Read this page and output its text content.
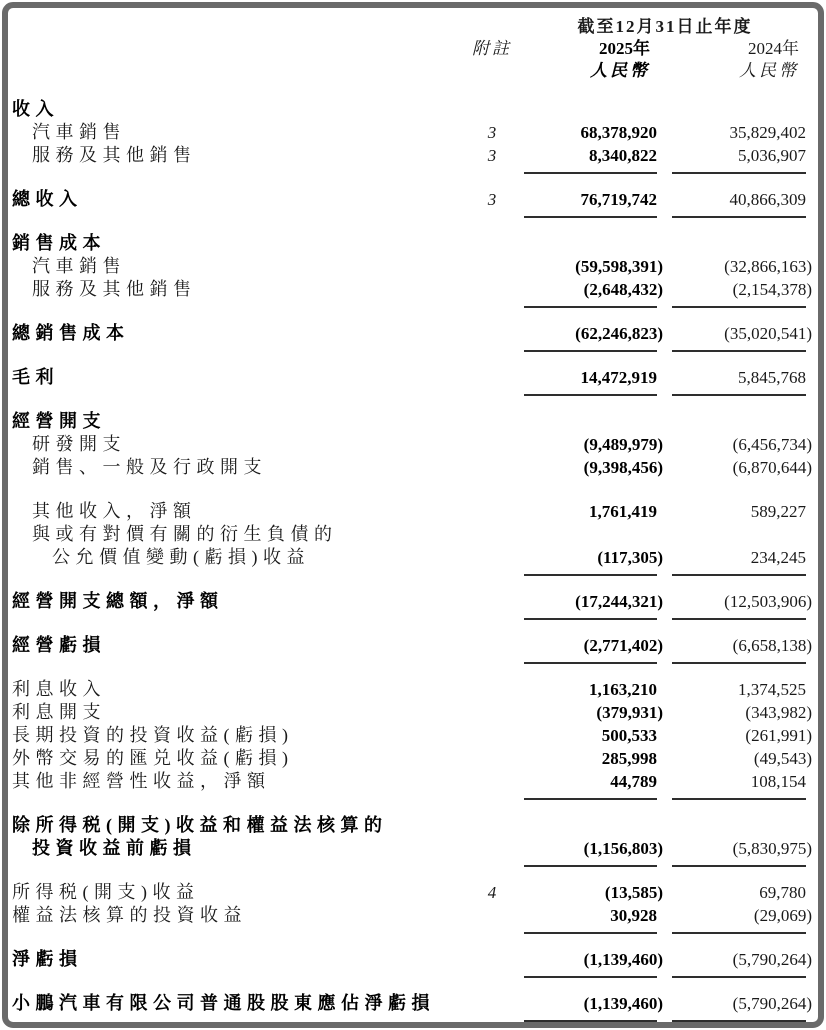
截至12月31日止年度
附註	2025年	2024年
人民幣	人民幣
收入
汽車銷售	3	68,378,920	35,829,402
服務及其他銷售	3	8,340,822	5,036,907
總收入	3	76,719,742	40,866,309
銷售成本
汽車銷售	(59,598,391)	(32,866,163)
服務及其他銷售	(2,648,432)	(2,154,378)
總銷售成本	(62,246,823)	(35,020,541)
毛利	14,472,919	5,845,768
經營開支
研發開支	(9,489,979)	(6,456,734)
銷售、一般及行政開支	(9,398,456)	(6,870,644)
其他收入，淨額	1,761,419	589,227
與或有對價有關的衍生負債的
公允價值變動(虧損)收益	(117,305)	234,245
經營開支總額，淨額	(17,244,321)	(12,503,906)
經營虧損	(2,771,402)	(6,658,138)
利息收入	1,163,210	1,374,525
利息開支	(379,931)	(343,982)
長期投資的投資收益(虧損)	500,533	(261,991)
外幣交易的匯兑收益(虧損)	285,998	(49,543)
其他非經營性收益，淨額	44,789	108,154
除所得税(開支)收益和權益法核算的
投資收益前虧損	(1,156,803)	(5,830,975)
所得税(開支)收益	4	(13,585)	69,780
權益法核算的投資收益	30,928	(29,069)
淨虧損	(1,139,460)	(5,790,264)
小鵬汽車有限公司普通股股東應佔淨虧損	(1,139,460)	(5,790,264)
